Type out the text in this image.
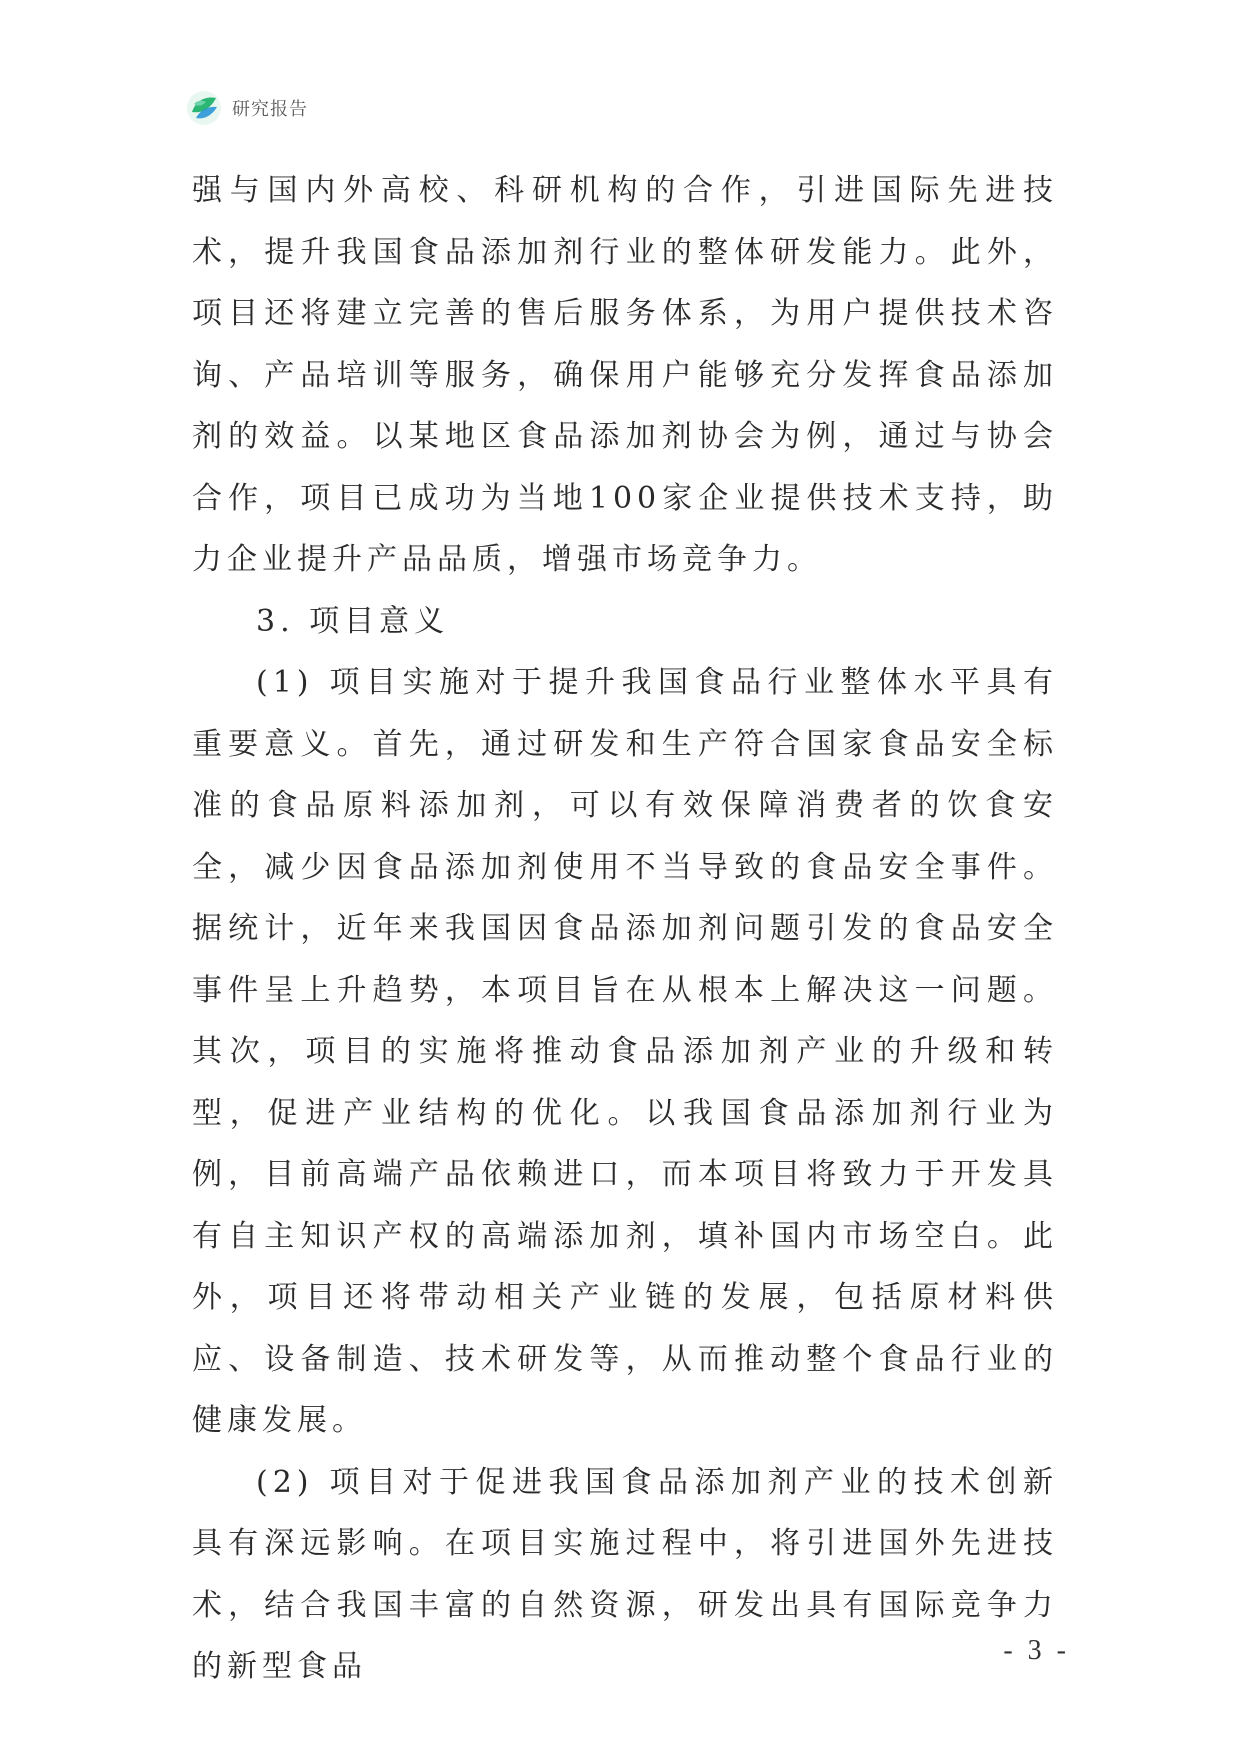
研究报告

强与国内外高校、科研机构的合作，引进国际先进技术，提升我国食品添加剂行业的整体研发能力。此外，项目还将建立完善的售后服务体系，为用户提供技术咨询、产品培训等服务，确保用户能够充分发挥食品添加剂的效益。以某地区食品添加剂协会为例，通过与协会合作，项目已成功为当地100家企业提供技术支持，助力企业提升产品品质，增强市场竞争力。

3. 项目意义

(1) 项目实施对于提升我国食品行业整体水平具有重要意义。首先，通过研发和生产符合国家食品安全标准的食品原料添加剂，可以有效保障消费者的饮食安全，减少因食品添加剂使用不当导致的食品安全事件。据统计，近年来我国因食品添加剂问题引发的食品安全事件呈上升趋势，本项目旨在从根本上解决这一问题。其次，项目的实施将推动食品添加剂产业的升级和转型，促进产业结构的优化。以我国食品添加剂行业为例，目前高端产品依赖进口，而本项目将致力于开发具有自主知识产权的高端添加剂，填补国内市场空白。此外，项目还将带动相关产业链的发展，包括原材料供应、设备制造、技术研发等，从而推动整个食品行业的健康发展。

(2) 项目对于促进我国食品添加剂产业的技术创新具有深远影响。在项目实施过程中，将引进国外先进技术，结合我国丰富的自然资源，研发出具有国际竞争力的新型食品	- 3 -
